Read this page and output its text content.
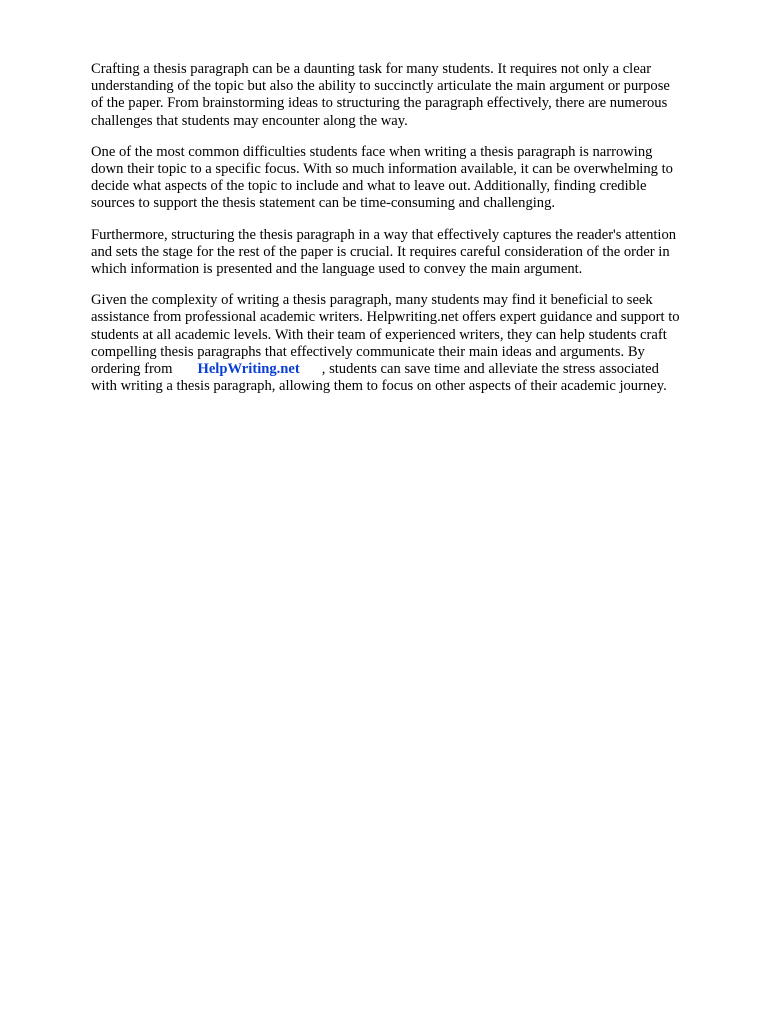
Crafting a thesis paragraph can be a daunting task for many students. It requires not only a clear
understanding of the topic but also the ability to succinctly articulate the main argument or purpose
of the paper. From brainstorming ideas to structuring the paragraph effectively, there are numerous
challenges that students may encounter along the way.

One of the most common difficulties students face when writing a thesis paragraph is narrowing
down their topic to a specific focus. With so much information available, it can be overwhelming to
decide what aspects of the topic to include and what to leave out. Additionally, finding credible
sources to support the thesis statement can be time-consuming and challenging.

Furthermore, structuring the thesis paragraph in a way that effectively captures the reader's attention
and sets the stage for the rest of the paper is crucial. It requires careful consideration of the order in
which information is presented and the language used to convey the main argument.

Given the complexity of writing a thesis paragraph, many students may find it beneficial to seek
assistance from professional academic writers. Helpwriting.net offers expert guidance and support to
students at all academic levels. With their team of experienced writers, they can help students craft
compelling thesis paragraphs that effectively communicate their main ideas and arguments. By
ordering from HelpWriting.net , students can save time and alleviate the stress associated
with writing a thesis paragraph, allowing them to focus on other aspects of their academic journey.
